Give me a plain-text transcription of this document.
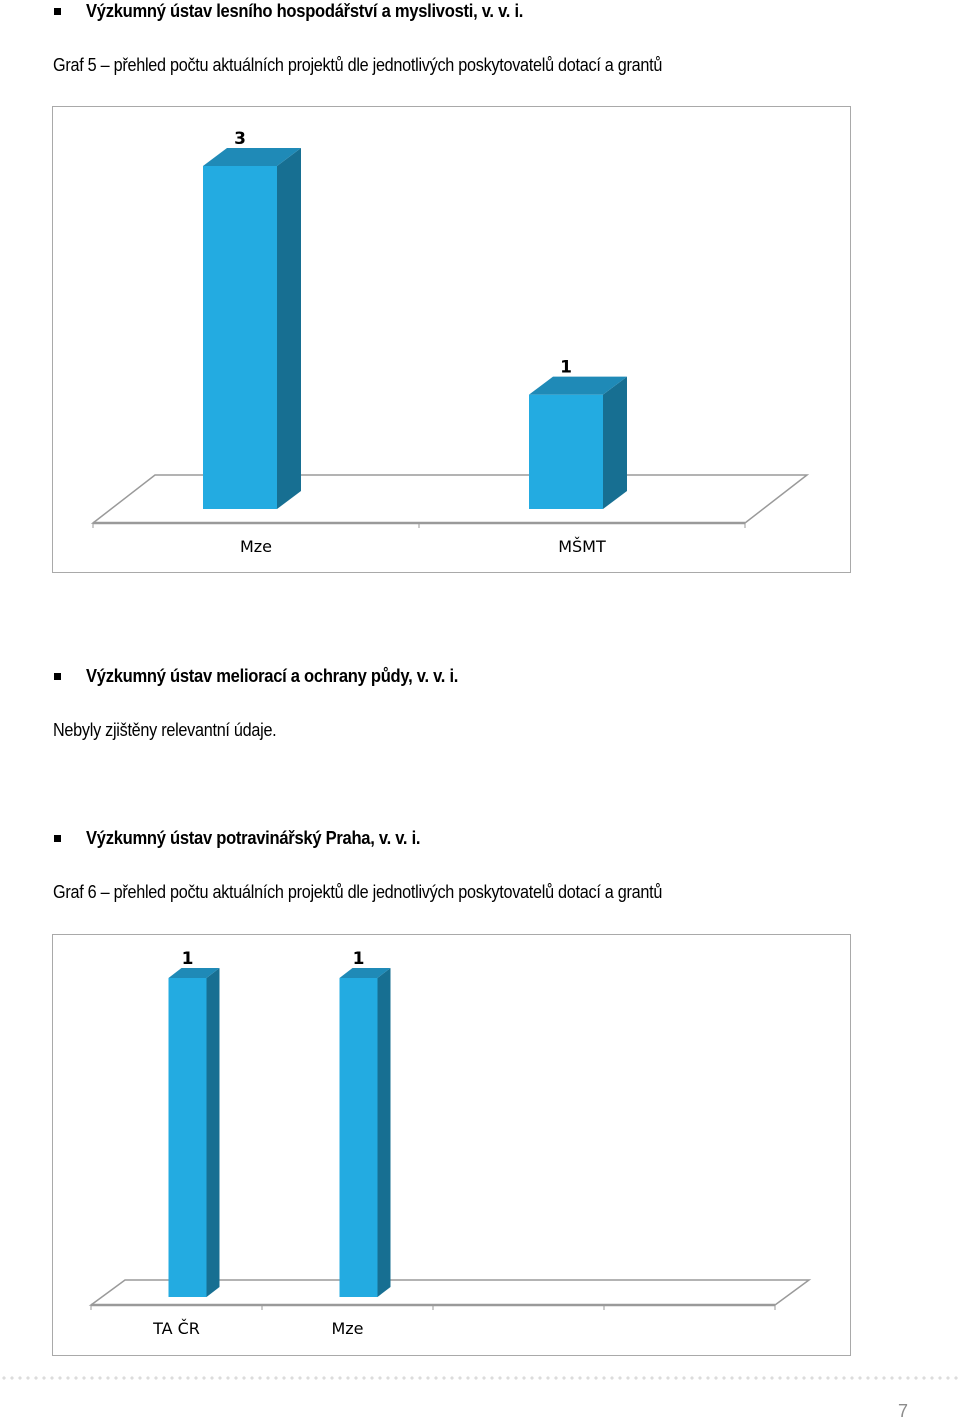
Výzkumný ústav lesního hospodářství a myslivosti, v. v. i.
Graf 5 – přehled počtu aktuálních projektů dle jednotlivých poskytovatelů dotací a grantů
3
Mze
1
MŠMT
Výzkumný ústav meliorací a ochrany půdy, v. v. i.
Nebyly zjištěny relevantní údaje.
Výzkumný ústav potravinářský Praha, v. v. i.
Graf 6 – přehled počtu aktuálních projektů dle jednotlivých poskytovatelů dotací a grantů
1
TA ČR
1
Mze
7
